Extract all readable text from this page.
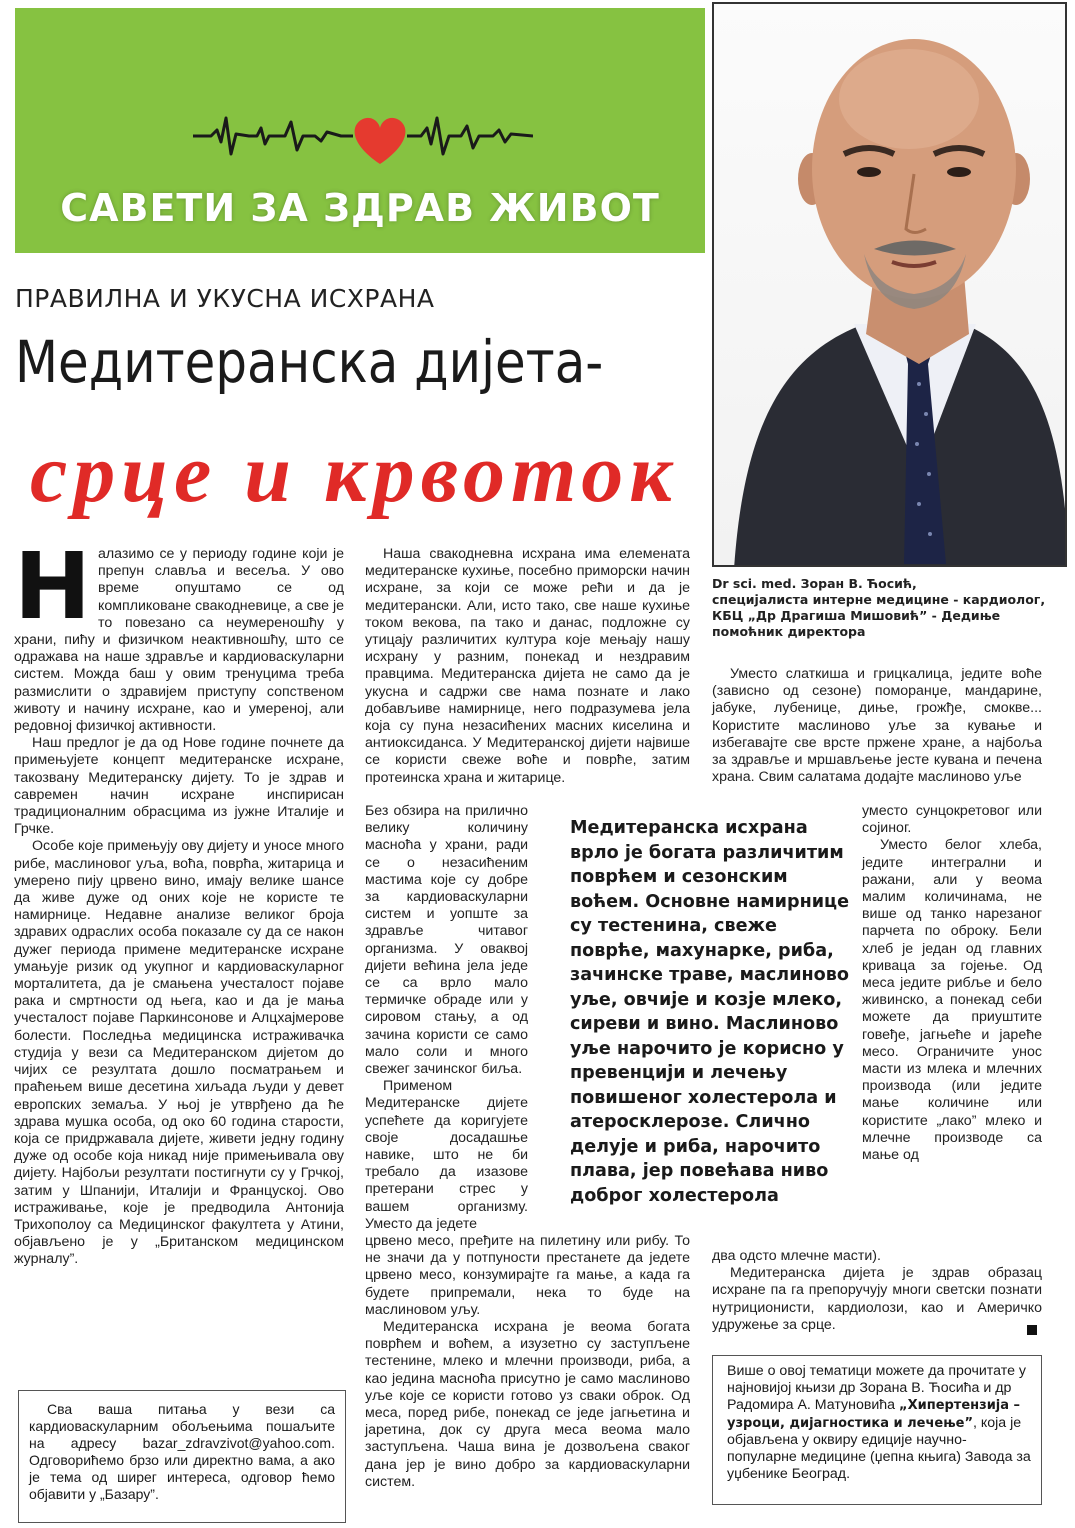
САВЕТИ ЗА ЗДРАВ ЖИВОТ
Dr sci. med. Зоран В. Ћосић,
специјалиста интерне медицине - кардиолог,
КБЦ „Др Драгиша Мишовић” - Дедиње
помоћник директора
ПРАВИЛНА И УКУСНА ИСХРАНА
Медитеранска дијета-
срце и крвоток
Н алазимо се у периоду године који је препун славља и весеља. У ово време опуштамо се од компликоване свакодневице, а све је то повезано са неумереношћу у храни, пићу и физичком неактивношћу, што се одражава на наше здравље и кардиоваскуларни систем. Можда баш у овим тренуцима треба размислити о здравијем приступу сопственом животу и начину исхране, као и умереној, али редовној физичкој активности.

Наш предлог је да од Нове године почнете да примењујете концепт медитеранске исхране, такозвану Медитеранску дијету. То је здрав и савремен начин исхране инспирисан традиционалним обрасцима из јужне Италије и Грчке.

Особе које примењују ову дијету и уносе много рибе, маслиновог уља, воћа, поврћа, житарица и умерено пију црвено вино, имају велике шансе да живе дуже од оних које не користе те намирнице. Недавне анализе великог броја здравих одраслих особа показале су да се након дужег периода примене медитеранске исхране умањује ризик од укупног и кардиоваскуларног морталитета, да је смањена учесталост појаве рака и смртности од њега, као и да је мања учесталост појаве Паркинсонове и Алцхајмерове болести. Последња медицинска истраживачка студија у вези са Медитеранском дијетом до чијих се резултата дошло посматрањем и праћењем више десетина хиљада људи у девет европских земаља. У њој је утврђено да ће здрава мушка особа, од око 60 година старости, која се придржавала дијете, живети једну годину дуже од особе која никад није примењивала ову дијету. Најбољи резултати постигнути су у Грчкој, затим у Шпанији, Италији и Француској. Ово истраживање, које је предводила Антонија Трихополоу са Медицинског факултета у Атини, објављено је у „Британском медицинском журналу”.

Наша свакодневна исхрана има елемената медитеранске кухиње, посебно приморски начин исхране, за који се може рећи и да је медитерански. Али, исто тако, све наше кухиње током векова, па тако и данас, подложне су утицају различитих култура које мењају нашу исхрану у разним, понекад и нездравим правцима. Медитеранска дијета не само да је укусна и садржи све нама познате и лако добављиве намирнице, него подразумева јела која су пуна незасићених масних киселина и антиоксиданса. У Медитеранској дијети највише се користи свеже воће и поврће, затим протеинска храна и житарице.

Без обзира на прилично велику количину масноћа у храни, ради се о незасићеним мастима које су добре за кардиоваскуларни систем и уопште за здравље читавог организма. У оваквој дијети већина јела једе се са врло мало термичке обраде или у сировом стању, а од зачина користи се само мало соли и много свежег зачинског биља.

Применом Медитеранске дијете успећете да коригујете своје досадашње навике, што не би требало да изазове претерани стрес у вашем организму. Уместо да једете

црвено месо, пређите на пилетину или рибу. То не значи да у потпуности престанете да једете црвено месо, конзумирајте га мање, а када га будете припремали, нека то буде на маслиновом уљу.

Медитеранска исхрана је веома богата поврћем и воћем, а изузетно су заступљене тестенине, млеко и млечни производи, риба, а као једина масноћа присутно је само маслиново уље које се користи готово уз сваки оброк. Од меса, поред рибе, понекад се једе јагњетина и јаретина, док су друга меса веома мало заступљена. Чаша вина је дозвољена сваког дана јер је вино добро за кардиоваскуларни систем.

Медитеранска исхрана врло је богата различитим поврћем и сезонским воћем. Основне намирнице су тестенина, свеже поврће, махунарке, риба, зачинске траве, маслиново уље, овчије и козје млеко, сиреви и вино. Маслиново уље нарочито је корисно у превенцији и лечењу повишеног холестерола и атеросклерозе. Слично делује и риба, нарочито плава, јер повећава ниво доброг холестерола

Уместо слаткиша и грицкалица, једите воће (зависно од сезоне) поморанџе, мандарине, јабуке, лубенице, диње, грожђе, смокве... Користите маслиново уље за кување и избегавајте све врсте пржене хране, а најбоља за здравље и мршављење јесте кувана и печена храна. Свим салатама додајте маслиново уље

уместо сунцокретовог или сојиног.

Уместо белог хлеба, једите интегрални и ражани, али у веома малим количинама, не више од танко нарезаног парчета по оброку. Бели хлеб је један од главних криваца за гојење. Од меса једите рибље и бело живинско, а понекад себи можете да приуштите говеђе, јагњеће и јареће месо. Ограничите унос масти из млека и млечних производа (или једите мање количине или користите „лако” млеко и млечне производе са мање од

два одсто млечне масти).

Медитеранска дијета је здрав образац исхране па га препоручују многи светски познати нутриционисти, кардиолози, као и Америчко удружење за срце.

Сва ваша питања у вези са кардиоваскуларним обољењима пошаљите на адресу bazar_zdravzivot@yahoo.com. Одговорићемо брзо или директно вама, а ако је тема од ширег интереса, одговор ћемо објавити у „Базару”.

Више о овој тематици можете да прочитате у најновијој књизи др Зорана В. Ћосића и др Радомира А. Матуновића „Хипертензија – узроци, дијагностика и лечење”, која је објављена у оквиру едиције научно-популарне медицине (џепна књига) Завода за уџбенике Београд.
